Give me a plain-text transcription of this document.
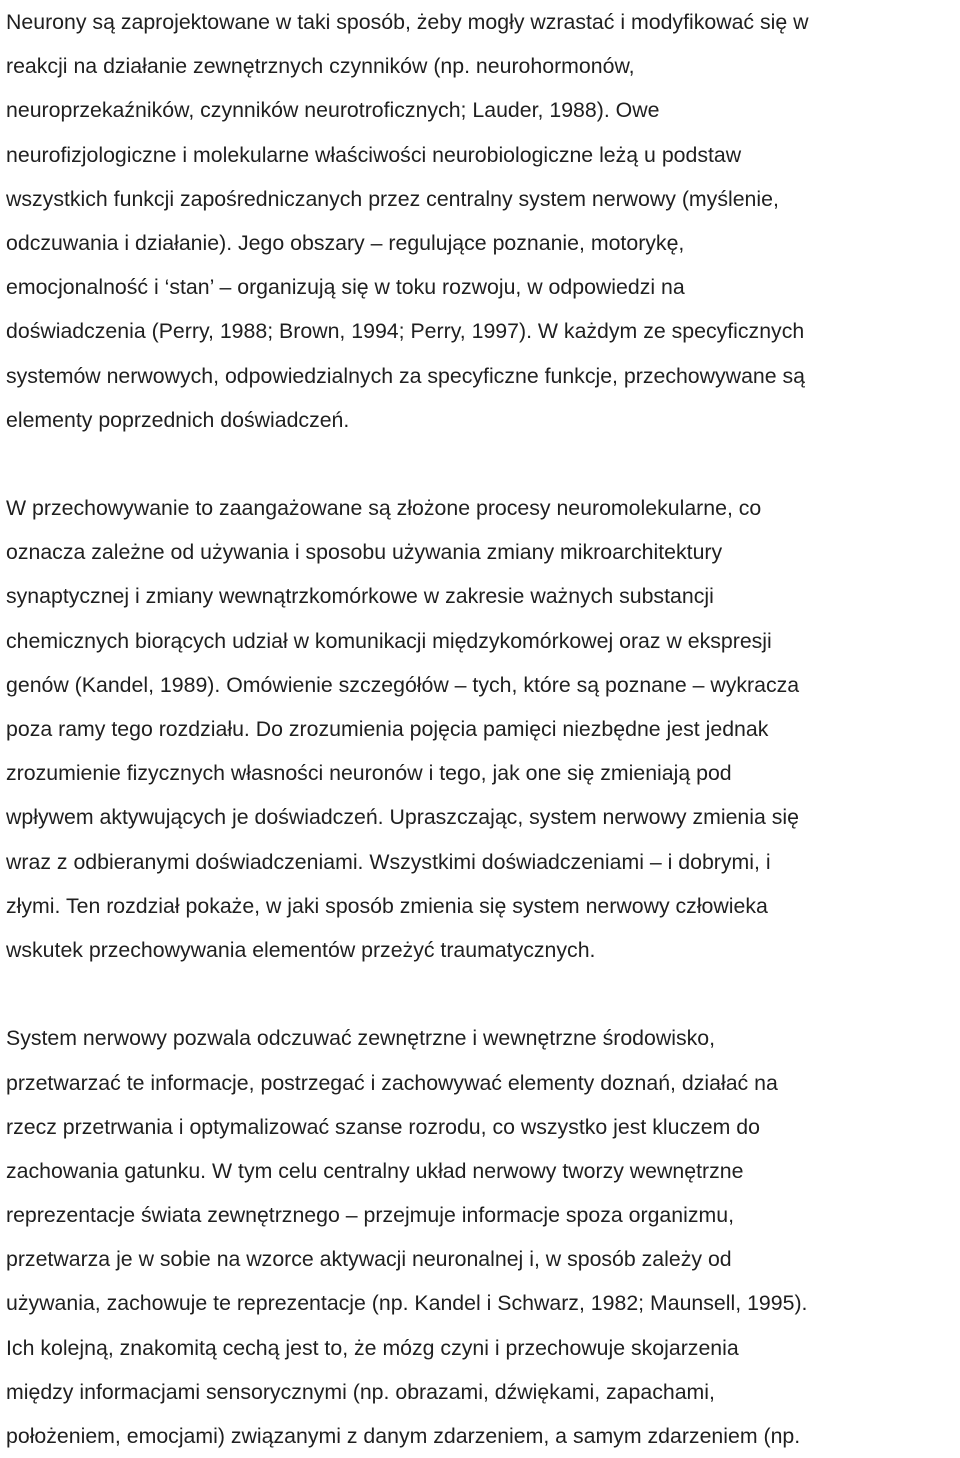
Neurony są zaprojektowane w taki sposób, żeby mogły wzrastać i modyfikować się w
reakcji na działanie zewnętrznych czynników (np. neurohormonów,
neuroprzekaźników, czynników neurotroficznych; Lauder, 1988). Owe
neurofizjologiczne i molekularne właściwości neurobiologiczne leżą u podstaw
wszystkich funkcji zapośredniczanych przez centralny system nerwowy (myślenie,
odczuwania i działanie). Jego obszary – regulujące poznanie, motorykę,
emocjonalność i ‘stan’ – organizują się w toku rozwoju, w odpowiedzi na
doświadczenia (Perry, 1988; Brown, 1994; Perry, 1997). W każdym ze specyficznych
systemów nerwowych, odpowiedzialnych za specyficzne funkcje, przechowywane są
elementy poprzednich doświadczeń.
W przechowywanie to zaangażowane są złożone procesy neuromolekularne, co
oznacza zależne od używania i sposobu używania zmiany mikroarchitektury
synaptycznej i zmiany wewnątrzkomórkowe w zakresie ważnych substancji
chemicznych biorących udział w komunikacji międzykomórkowej oraz w ekspresji
genów (Kandel, 1989). Omówienie szczegółów – tych, które są poznane – wykracza
poza ramy tego rozdziału. Do zrozumienia pojęcia pamięci niezbędne jest jednak
zrozumienie fizycznych własności neuronów i tego, jak one się zmieniają pod
wpływem aktywujących je doświadczeń. Upraszczając, system nerwowy zmienia się
wraz z odbieranymi doświadczeniami. Wszystkimi doświadczeniami – i dobrymi, i
złymi. Ten rozdział pokaże, w jaki sposób zmienia się system nerwowy człowieka
wskutek przechowywania elementów przeżyć traumatycznych.
System nerwowy pozwala odczuwać zewnętrzne i wewnętrzne środowisko,
przetwarzać te informacje, postrzegać i zachowywać elementy doznań, działać na
rzecz przetrwania i optymalizować szanse rozrodu, co wszystko jest kluczem do
zachowania gatunku. W tym celu centralny układ nerwowy tworzy wewnętrzne
reprezentacje świata zewnętrznego – przejmuje informacje spoza organizmu,
przetwarza je w sobie na wzorce aktywacji neuronalnej i, w sposób zależy od
używania, zachowuje te reprezentacje (np. Kandel i Schwarz, 1982; Maunsell, 1995).
Ich kolejną, znakomitą cechą jest to, że mózg czyni i przechowuje skojarzenia
między informacjami sensorycznymi (np. obrazami, dźwiękami, zapachami,
położeniem, emocjami) związanymi z danym zdarzeniem, a samym zdarzeniem (np.
